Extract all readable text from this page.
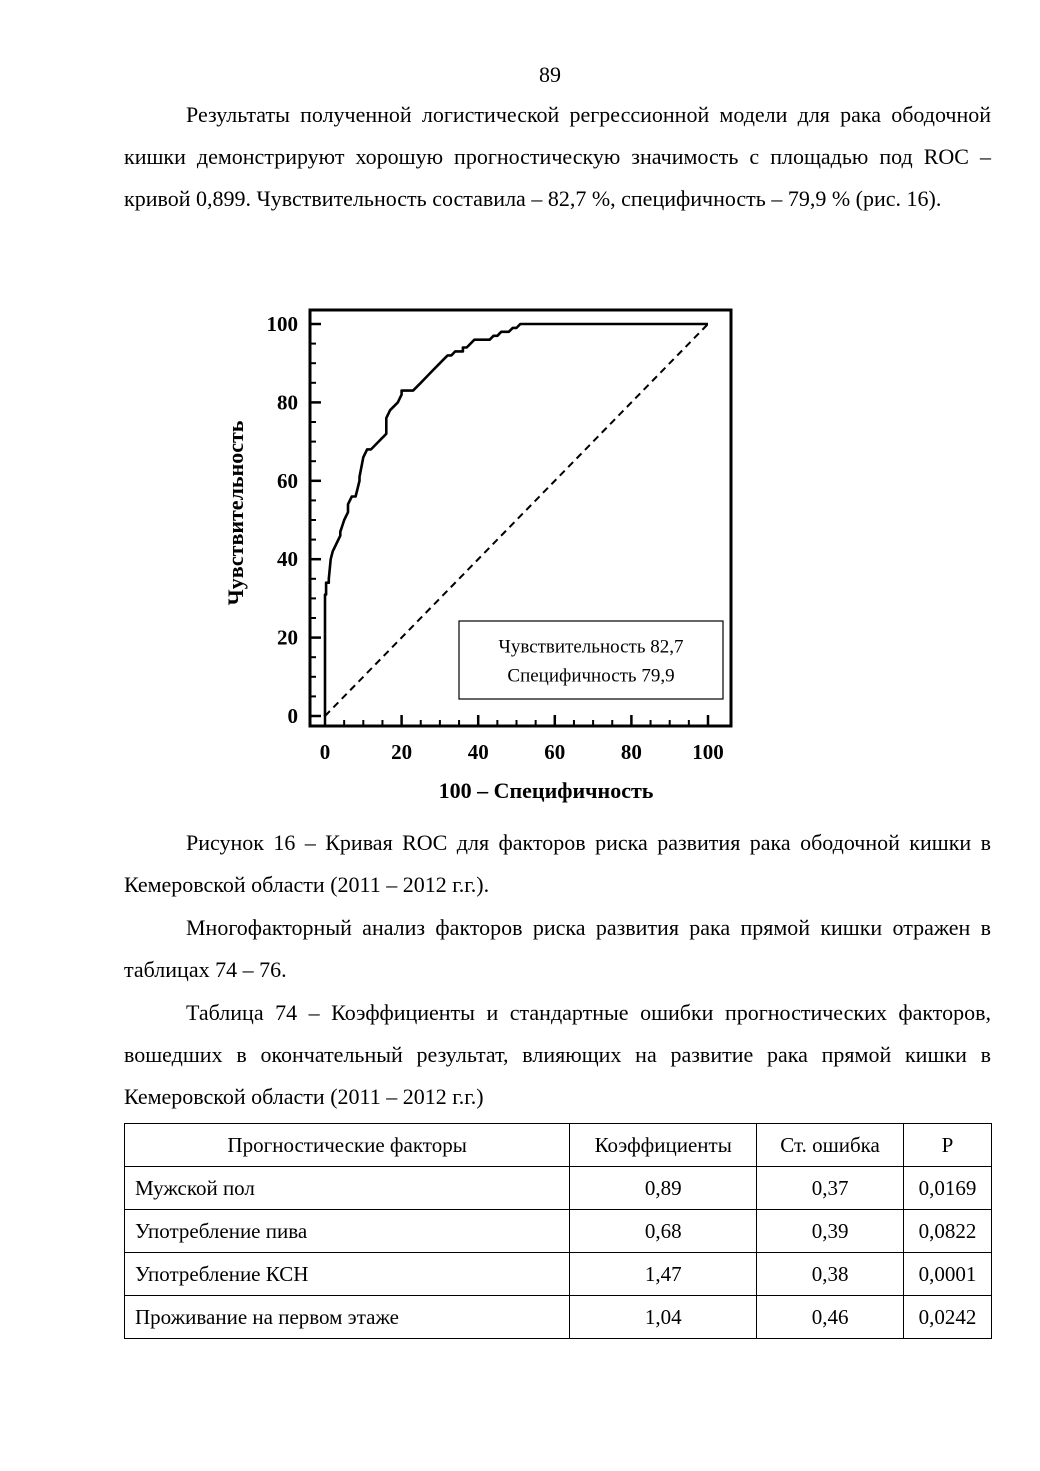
89

Результаты полученной логистической регрессионной модели для рака ободочной кишки демонстрируют хорошую прогностическую значимость с площадью под ROC – кривой 0,899. Чувствительность составила – 82,7 %, специфичность – 79,9 % (рис. 16).

0	20	40	60	80 100
0
20
40
60
80
100
Чувствительность 82,7
Специфичность 79,9
100 – Специфичность
Чувствительность

Рисунок 16 – Кривая ROC для факторов риска развития рака ободочной кишки в Кемеровской области (2011 – 2012 г.г.).

Многофакторный анализ факторов риска развития рака прямой кишки отражен в таблицах 74 – 76.

Таблица 74 – Коэффициенты и стандартные ошибки прогностических факторов, вошедших в окончательный результат, влияющих на развитие рака прямой кишки в Кемеровской области (2011 – 2012 г.г.)

Прогностические факторы	Коэффициенты	Ст. ошибка	P
Мужской пол	0,89	0,37	0,0169
Употребление пива	0,68	0,39	0,0822
Употребление КСН	1,47	0,38	0,0001
Проживание на первом этаже	1,04	0,46	0,0242
